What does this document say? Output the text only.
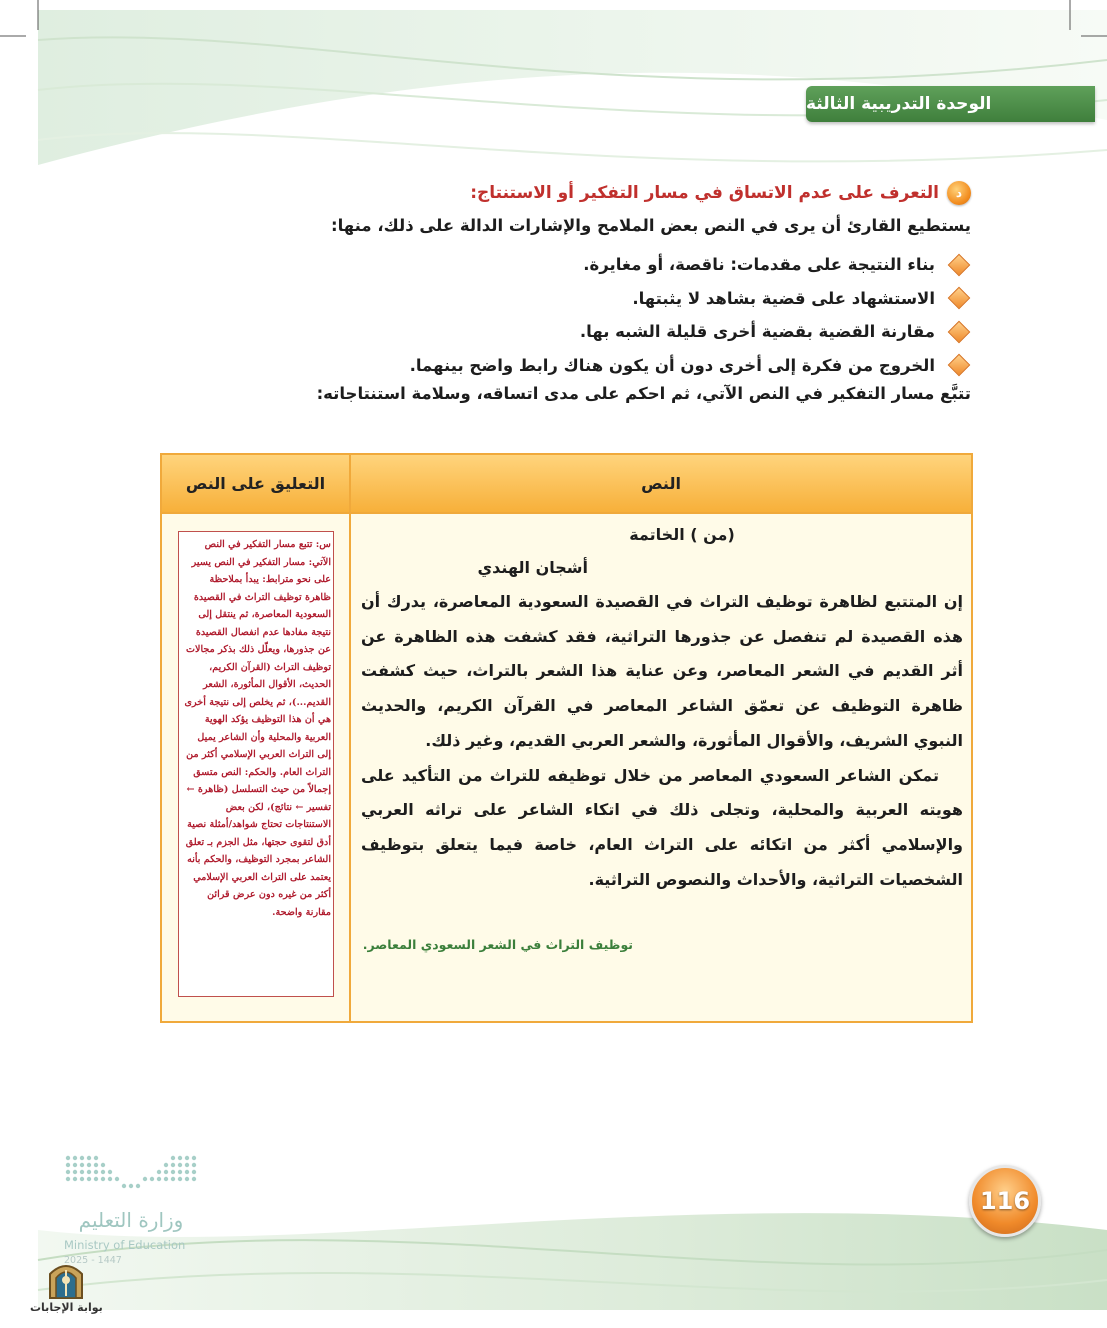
الوحدة التدريبية الثالثة
د
التعرف على عدم الاتساق في مسار التفكير أو الاستنتاج:
يستطيع القارئ أن يرى في النص بعض الملامح والإشارات الدالة على ذلك، منها:
بناء النتيجة على مقدمات: ناقصة، أو مغايرة.
الاستشهاد على قضية بشاهد لا يثبتها.
مقارنة القضية بقضية أخرى قليلة الشبه بها.
الخروج من فكرة إلى أخرى دون أن يكون هناك رابط واضح بينهما.
تتبَّع مسار التفكير في النص الآتي، ثم احكم على مدى اتساقه، وسلامة استنتاجاته:
النص
التعليق على النص
(من ) الخاتمة
أشجان الهندي

إن المتتبع لظاهرة توظيف التراث في القصيدة السعودية المعاصرة، يدرك أن هذه القصيدة لم تنفصل عن جذورها التراثية، فقد كشفت هذه الظاهرة عن أثر القديم في الشعر المعاصر، وعن عناية هذا الشعر بالتراث، حيث كشفت ظاهرة التوظيف عن تعمّق الشاعر المعاصر في القرآن الكريم، والحديث النبوي الشريف، والأقوال المأثورة، والشعر العربي القديم، وغير ذلك.

تمكن الشاعر السعودي المعاصر من خلال توظيفه للتراث من التأكيد على هويته العربية والمحلية، وتجلى ذلك في اتكاء الشاعر على تراثه العربي والإسلامي أكثر من اتكائه على التراث العام، خاصة فيما يتعلق بتوظيف الشخصيات التراثية، والأحداث والنصوص التراثية.

توظيف التراث في الشعر السعودي المعاصر.

س: تتبع مسار التفكير في النص الآتي: مسار التفكير في النص يسير على نحو مترابط: يبدأ بملاحظة ظاهرة توظيف التراث في القصيدة السعودية المعاصرة، ثم ينتقل إلى نتيجة مفادها عدم انفصال القصيدة عن جذورها، ويعلّل ذلك بذكر مجالات توظيف التراث (القرآن الكريم، الحديث، الأقوال المأثورة، الشعر القديم...)، ثم يخلص إلى نتيجة أخرى هي أن هذا التوظيف يؤكد الهوية العربية والمحلية وأن الشاعر يميل إلى التراث العربي الإسلامي أكثر من التراث العام. والحكم: النص متسق إجمالاً من حيث التسلسل (ظاهرة ← تفسير ← نتائج)، لكن بعض الاستنتاجات تحتاج شواهد/أمثلة نصية أدق لتقوى حجتها، مثل الجزم بـ تعلق الشاعر بمجرد التوظيف، والحكم بأنه يعتمد على التراث العربي الإسلامي أكثر من غيره دون عرض قرائن مقارنة واضحة.

وزارة التعليم
Ministry of Education
2025 - 1447
بوابة الإجابات
116
